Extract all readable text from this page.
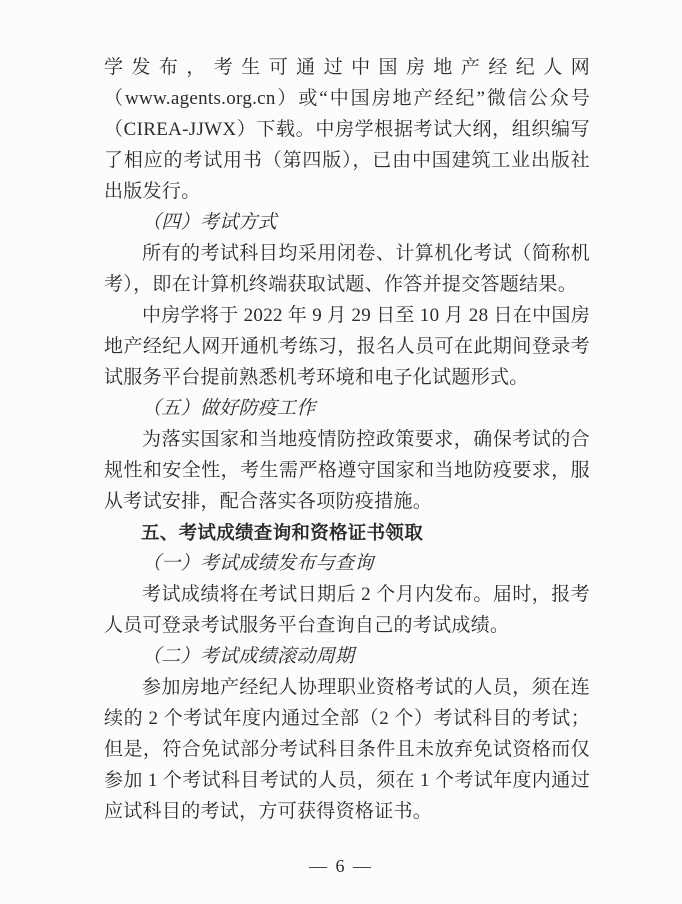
学发布，考生可通过中国房地产经纪人网（www.agents.org.cn）或“中国房地产经纪”微信公众号（CIREA-JJWX）下载。中房学根据考试大纲，组织编写了相应的考试用书（第四版），已由中国建筑工业出版社出版发行。

（四）考试方式

所有的考试科目均采用闭卷、计算机化考试（简称机考），即在计算机终端获取试题、作答并提交答题结果。

中房学将于 2022 年 9 月 29 日至 10 月 28 日在中国房地产经纪人网开通机考练习，报名人员可在此期间登录考试服务平台提前熟悉机考环境和电子化试题形式。

（五）做好防疫工作

为落实国家和当地疫情防控政策要求，确保考试的合规性和安全性，考生需严格遵守国家和当地防疫要求，服从考试安排，配合落实各项防疫措施。

五、考试成绩查询和资格证书领取

（一）考试成绩发布与查询

考试成绩将在考试日期后 2 个月内发布。届时，报考人员可登录考试服务平台查询自己的考试成绩。

（二）考试成绩滚动周期

参加房地产经纪人协理职业资格考试的人员，须在连续的 2 个考试年度内通过全部（2 个）考试科目的考试；但是，符合免试部分考试科目条件且未放弃免试资格而仅参加 1 个考试科目考试的人员，须在 1 个考试年度内通过应试科目的考试，方可获得资格证书。

— 6 —
